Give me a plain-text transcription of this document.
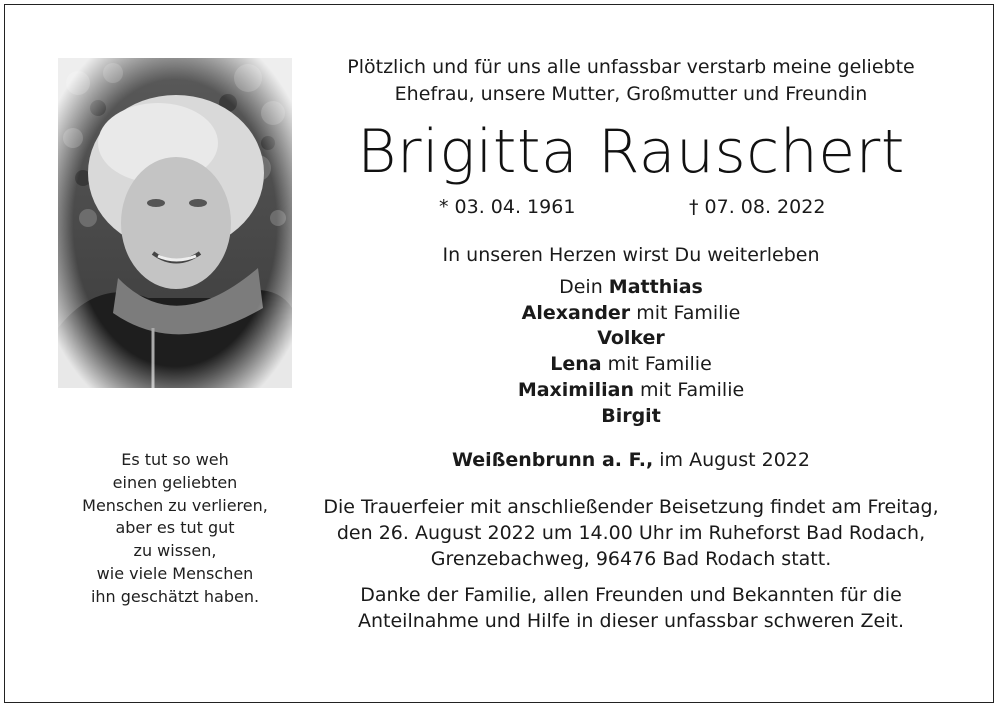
Es tut so weh
einen geliebten
Menschen zu verlieren,
aber es tut gut
zu wissen,
wie viele Menschen
ihn geschätzt haben.
Plötzlich und für uns alle unfassbar verstarb meine geliebte
Ehefrau, unsere Mutter, Großmutter und Freundin
Brigitta Rauschert
* 03. 04. 1961	† 07. 08. 2022
In unseren Herzen wirst Du weiterleben
Dein Matthias
Alexander mit Familie
Volker
Lena mit Familie
Maximilian mit Familie
Birgit
Weißenbrunn a. F., im August 2022
Die Trauerfeier mit anschließender Beisetzung findet am Freitag,
den 26. August 2022 um 14.00 Uhr im Ruheforst Bad Rodach,
Grenzebachweg, 96476 Bad Rodach statt.
Danke der Familie, allen Freunden und Bekannten für die
Anteilnahme und Hilfe in dieser unfassbar schweren Zeit.
